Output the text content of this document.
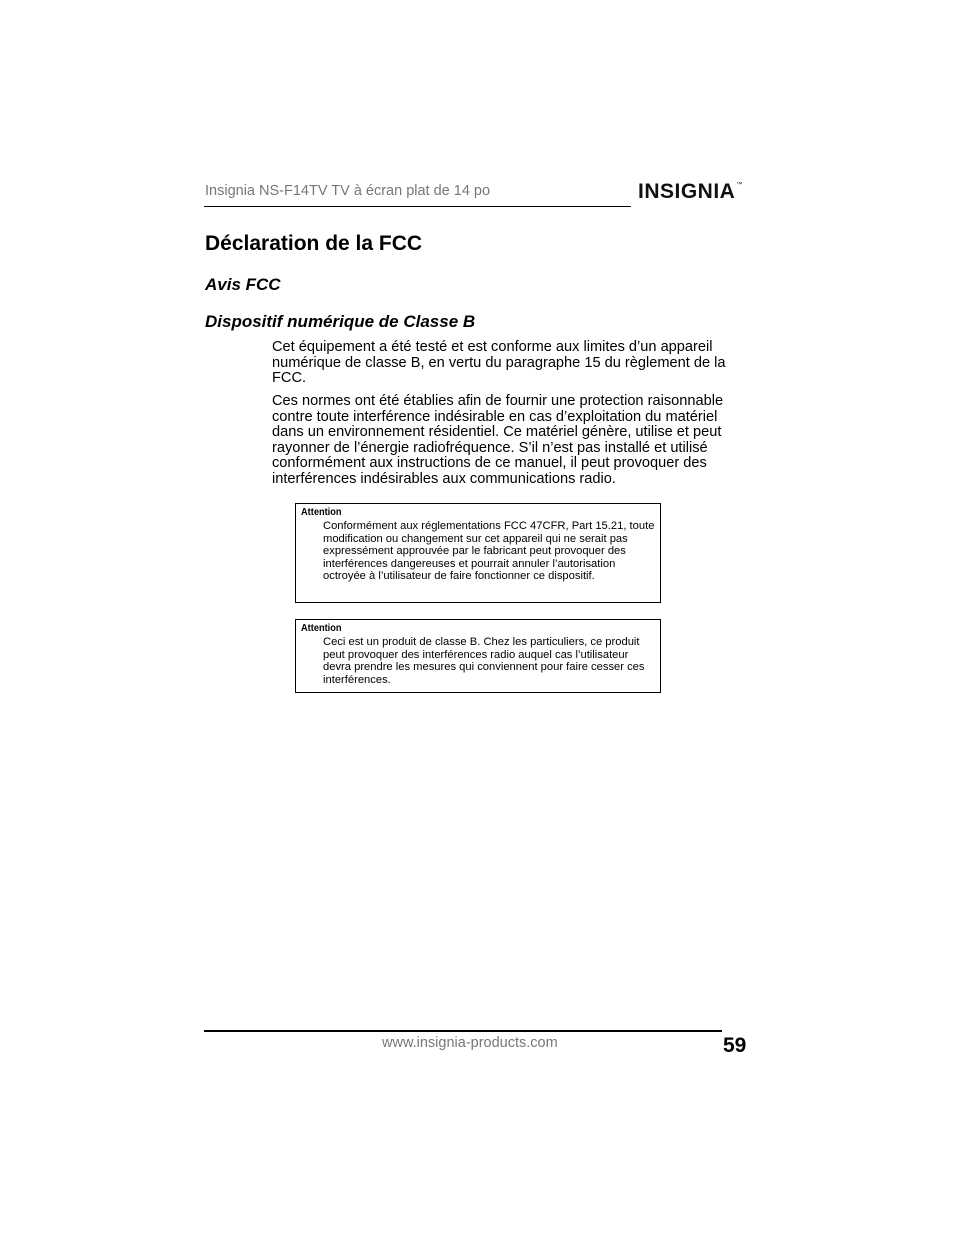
Insignia NS-F14TV TV à écran plat de 14 po	INSIGNIA™
Déclaration de la FCC
Avis FCC
Dispositif numérique de Classe B
Cet équipement a été testé et est conforme aux limites d’un appareil numérique de classe B, en vertu du paragraphe 15 du règlement de la FCC.
Ces normes ont été établies afin de fournir une protection raisonnable contre toute interférence indésirable en cas d’exploitation du matériel dans un environnement résidentiel. Ce matériel génère, utilise et peut rayonner de l’énergie radiofréquence. S’il n’est pas installé et utilisé conformément aux instructions de ce manuel, il peut provoquer des interférences indésirables aux communications radio.
Attention
Conformément aux réglementations FCC 47CFR, Part 15.21, toute modification ou changement sur cet appareil qui ne serait pas expressément approuvée par le fabricant peut provoquer des interférences dangereuses et pourrait annuler l’autorisation octroyée à l’utilisateur de faire fonctionner ce dispositif.
Attention
Ceci est un produit de classe B. Chez les particuliers, ce produit peut provoquer des interférences radio auquel cas l’utilisateur devra prendre les mesures qui conviennent pour faire cesser ces interférences.
www.insignia-products.com	59
